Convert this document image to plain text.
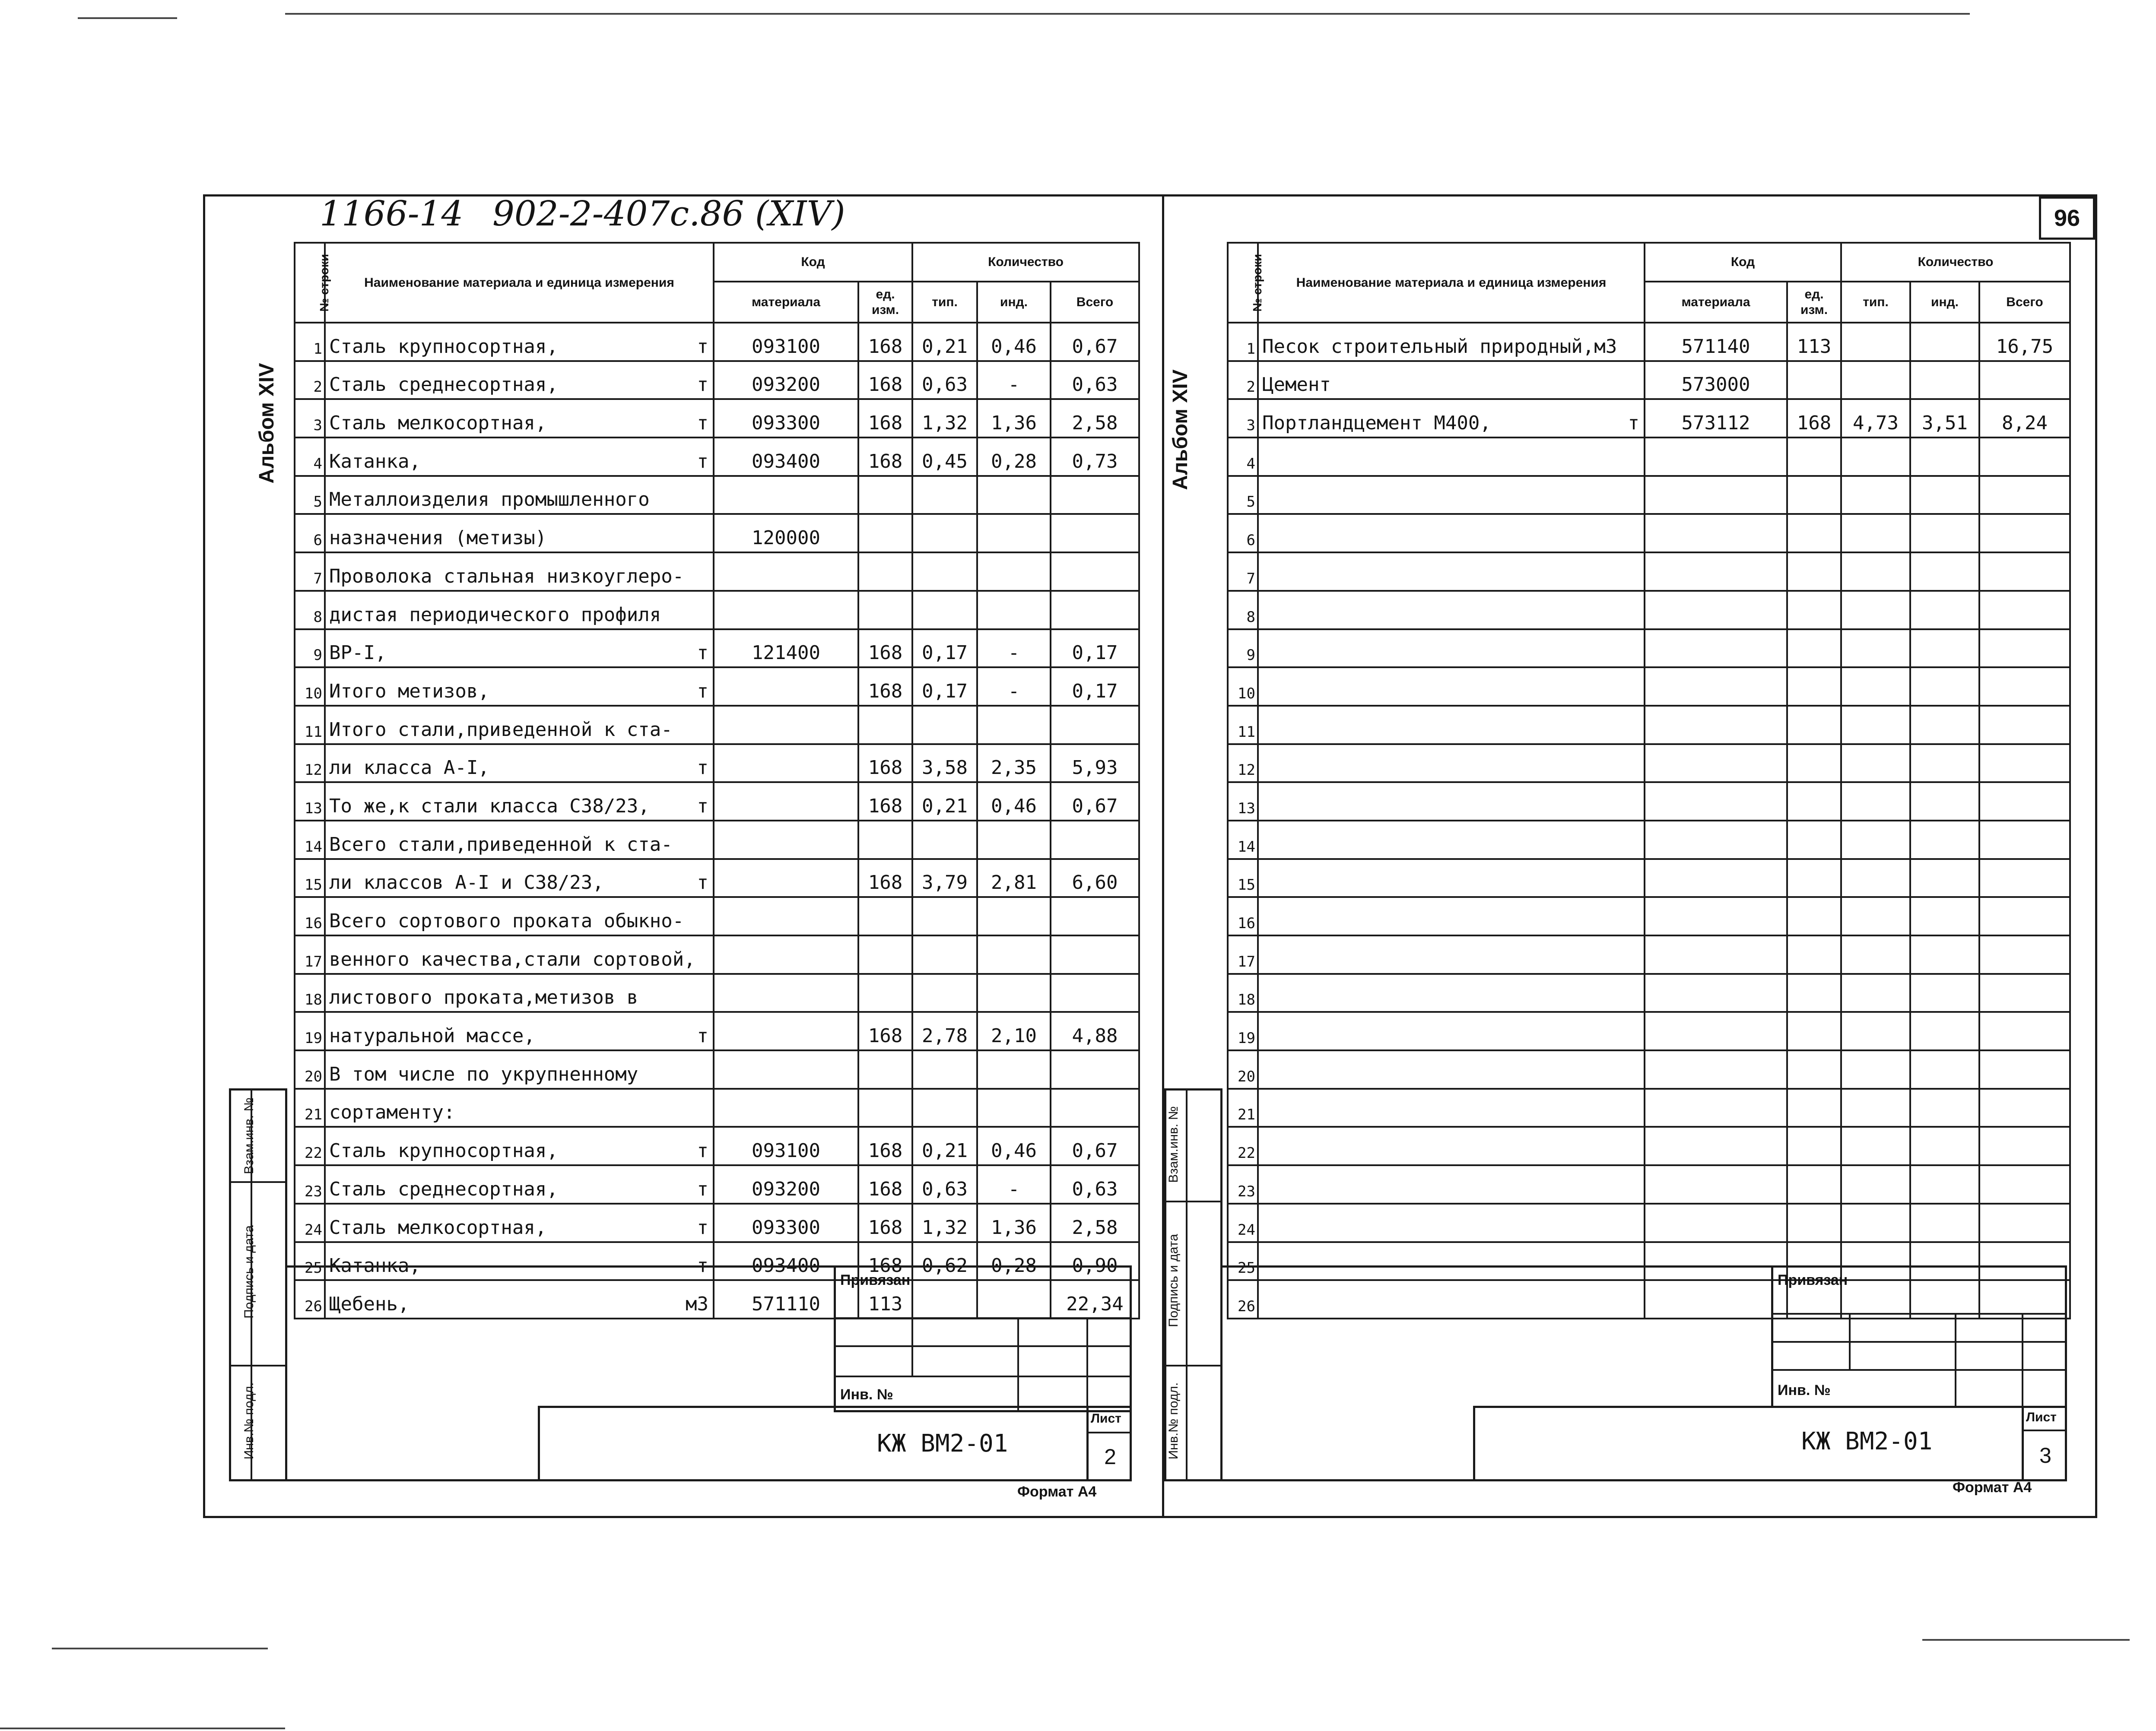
1166-14 902-2-407c.86 (XIV)	96
Альбом XIV	Альбом XIV
Инв.№ подл.
Подпись и дата
Взам.инв. №
Инв.№ подл.
Подпись и дата
Взам.инв. №
№ строки	Наименование материала и единица измерения	Код		Количество		
		материала	ед. изм.	тип.	инд.	Всего
1	Сталь крупносортная, т	093100	168	0,21	0,46	0,67
2	Сталь среднесортная, т	093200	168	0,63	-	0,63
3	Сталь мелкосортная, т	093300	168	1,32	1,36	2,58
4	Катанка, т	093400	168	0,45	0,28	0,73
5	Металлоизделия промышленного

6	назначения (метизы)	120000				
7	Проволока стальная низкоуглеро-

8	дистая периодического профиля

9	ВР-I, т	121400	168	0,17	-	0,17
10	Итого метизов, т		168	0,17	-	0,17
11	Итого стали,приведенной к ста-

12	ли класса А-I, т		168	3,58	2,35	5,93
13	То же,к стали класса С38/23, т		168	0,21	0,46	0,67
14	Всего стали,приведенной к ста-

15	ли классов А-I и С38/23, т		168	3,79	2,81	6,60
16	Всего сортового проката обыкно-

17	венного качества,стали сортовой,

18	листового проката,метизов в

19	натуральной массе, т		168	2,78	2,10	4,88
20	В том числе по укрупненному

21	сортаменту:

22	Сталь крупносортная, т	093100	168	0,21	0,46	0,67
23	Сталь среднесортная, т	093200	168	0,63	-	0,63
24	Сталь мелкосортная, т	093300	168	1,32	1,36	2,58
25	Катанка, т	093400	168	0,62	0,28	0,90
26	Щебень, м3	571110	113			22,34
№ строки	Наименование материала и единица измерения	Код		Количество		
		материала	ед. изм.	тип.	инд.	Всего
1	Песок строительный природный,м3	571140	113			16,75
2	Цемент	573000				
3	Портландцемент М400, т	573112	168	4,73	3,51	8,24
4	

5	

6	

7	

8	

9	

10	

11	

12	

13	

14	

15	

16	

17	

18	

19	

20	

21	

22	

23	

24	

25	

26	

Привязан
Инв. №
КЖ ВМ2-01
Лист
2
Формат А4
Привязан
Инв. №
КЖ ВМ2-01
Лист
3
Формат А4
